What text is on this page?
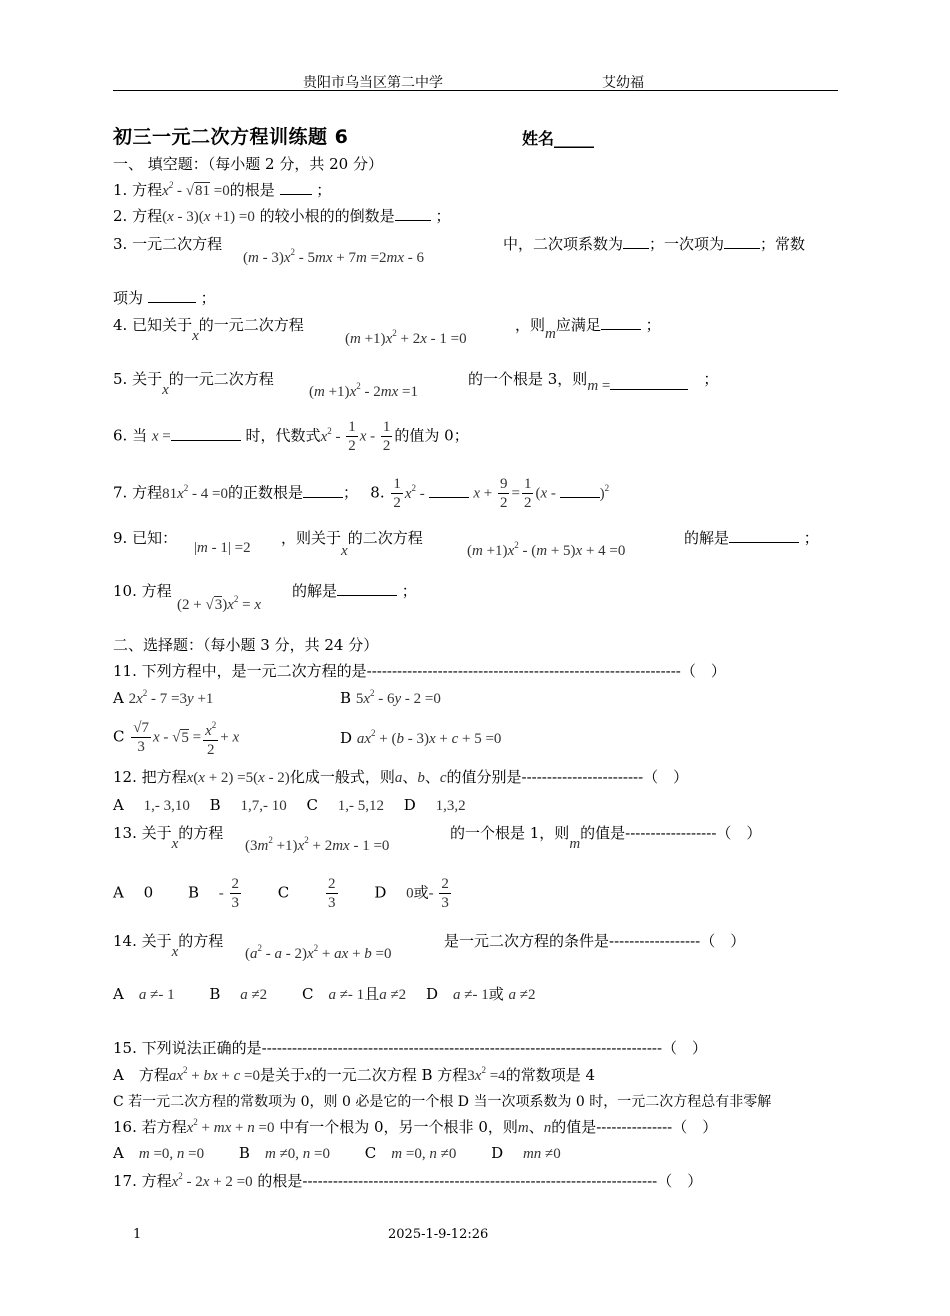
贵阳市乌当区第二中学	艾幼福
初三一元二次方程训练题 6	姓名_____
一、 填空题：（每小题 2 分，共 20 分）
1. 方程$x^2 - √81 =0$的根是	；
2. 方程(x - 3)(x +1) =0 的较小根的的倒数是	；
3. 一元二次方程
$(m - 3)x^2 - 5mx + 7m =2mx - 6$
中，二次项系数为 ；一次项为 ；常数
项为	；
4. 已知关于x的一元二次方程
$(m +1)x^2 + 2x - 1 =0$
，则m应满足	；
5. 关于x的一元二次方程
$(m +1)x^2 - 2mx =1$
的一个根是 3，则m =　	；
6. 当 x =	时，代数式$x^2 - \frac{1}{2}$ x - $\frac{1}{2}$ 的值为 0；
7. 方程$81x^2 - 4 =0$的正数根是	；　 8. $\frac{1}{2} x^2$ -	$x + \frac{9}{2} = \frac{1}{2} (x$ -	)$^2$
9. 已知：
|m - 1| =2
，则关于x的二次方程
$(m +1)x^2 - (m + 5)x + 4 =0$
的解是	；
10. 方程
$(2 + √3)x^2 = x$
的解是	；
二、选择题：（每小题 3 分，共 24 分）
11. 下列方程中，是一元二次方程的是--------------------------------------------------------------（　）
A $2x^2 - 7 =3y +1$	B $5x^2 - 6y - 2 =0$
C $\frac{√7}{3}$ $x - √5 = \frac{x^2}{2} + x$	D $ax^2 + (b - 3)x + c + 5 =0$
12. 把方程x(x + 2) =5(x - 2)化成一般式，则a、b、c的值分别是------------------------（　）
A　 1,- 3,10　 B　 1,7,- 10　 C　 1,- 5,12　 D　 1,3,2
13. 关于x的方程
$(3m^2 +1)x^2 + 2mx - 1 =0$
的一个根是 1，则m的值是------------------（　）
A　 0　　 B　 - $\frac{2}{3}$
　　 C　　 $\frac{2}{3}$
　　 D　 0或- $\frac{2}{3}$
14. 关于x的方程
($a^2$ - a - $2)x^2$ + ax + b =0
是一元二次方程的条件是------------------（　）
A　 a ≠- 1　　 B　 a ≠2　　 C　 a ≠- 1且a ≠2　 D　 a ≠- 1或 a ≠2
15. 下列说法正确的是-------------------------------------------------------------------------------（　）
A　方程$ax^2$ + bx + c =0是关于x的一元二次方程 B 方程$3x^2 =4$的常数项是 4
C 若一元二次方程的常数项为 0，则 0 必是它的一个根 D 当一次项系数为 0 时，一元二次方程总有非零解
16. 若方程$x^2$ + mx + n =0 中有一个根为 0，另一个根非 0，则m、n的值是---------------（　）
A　 m =0, n =0　　 B　 m ≠0, n =0　　 C　 m =0, n ≠0　　 D　 mn ≠0
17. 方程$x^2 - 2x + 2 =0$ 的根是----------------------------------------------------------------------（　）
1	2025-1-9-12:26
